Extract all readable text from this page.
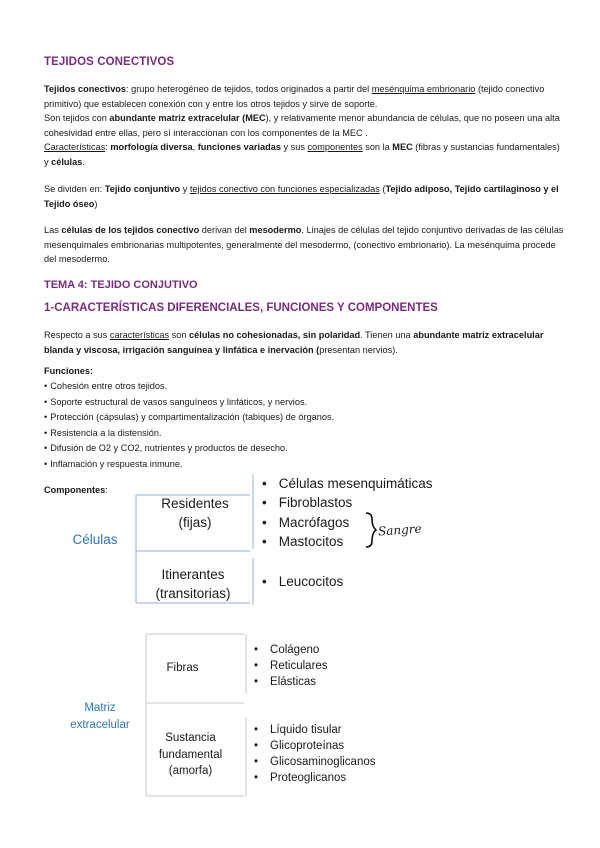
TEJIDOS CONECTIVOS
Tejidos conectivos: grupo heterogéneo de tejidos, todos originados a partir del mesénquima embrionario (tejido conectivo primitivo) que establecen conexión con y entre los otros tejidos y sirve de soporte.
Son tejidos con abundante matriz extracelular (MEC), y relativamente menor abundancia de células, que no poseen una alta cohesividad entre ellas, pero sí interaccionan con los componentes de la MEC .
Características: morfología diversa, funciones variadas y sus componentes son la MEC (fibras y sustancias fundamentales) y células.
Se dividen en: Tejido conjuntivo y tejidos conectivo con funciones especializadas (Tejido adiposo, Tejido cartilaginoso y el Tejido óseo)
Las células de los tejidos conectivo derivan del mesodermo. Linajes de células del tejido conjuntivo derivadas de las células mesenquimales embrionarias multipotentes, generalmente del mesodermo, (conectivo embrionario). La mesénquima procede del mesodermo.
TEMA 4: TEJIDO CONJUTIVO
1-CARACTERÍSTICAS DIFERENCIALES, FUNCIONES Y COMPONENTES
Respecto a sus características son células no cohesionadas, sin polaridad. Tienen una abundante matriz extracelular blanda y viscosa, irrigación sanguínea y linfática e inervación (presentan nervios).
Funciones:
• Cohesión entre otros tejidos.
• Soporte estructural de vasos sanguíneos y linfáticos, y nervios.
• Protección (cápsulas) y compartimentalización (tabiques) de órganos.
• Resistencia a la distensión.
• Difusión de O2 y CO2, nutrientes y productos de desecho.
• Inflamación y respuesta inmune.
Componentes:
Células
Residentes
(fijas)
• Células mesenquimáticas
• Fibroblastos
• Macrófagos
• Mastocitos
Sangre
Itinerantes
(transitorias)
• Leucocitos
Matriz
extracelular
Fibras
• Colágeno
• Reticulares
• Elásticas
Sustancia
fundamental
(amorfa)
• Líquido tisular
• Glicoproteínas
• Glicosaminoglicanos
• Proteoglicanos
